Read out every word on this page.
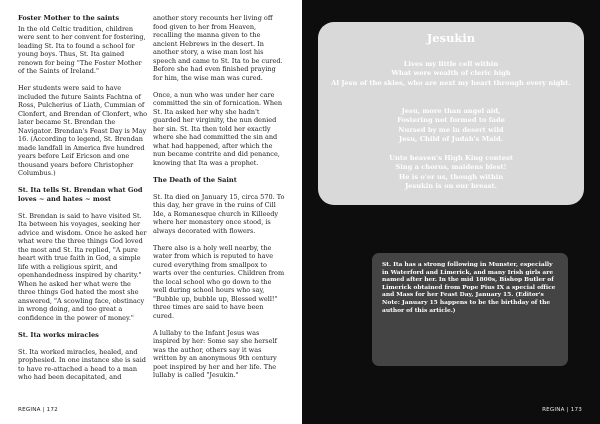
Foster Mother to the saints

In the old Celtic tradition, children were sent to her convent for fostering, leading St. Ita to found a school for young boys. Thus, St. Ita gained renown for being "The Foster Mother of the Saints of Ireland."

Her students were said to have included the future Saints Fachtna of Ross, Pulcherius of Liath, Cummian of Clonfert, and Brendan of Clonfert, who later became St. Brendan the Navigator. Brendan's Feast Day is May 16. (According to legend, St. Brendan made landfall in America five hundred years before Leif Ericson and one thousand years before Christopher Columbus.)

St. Ita tells St. Brendan what God loves ~ and hates ~ most

St. Brendan is said to have visited St. Ita between his voyages, seeking her advice and wisdom. Once he asked her what were the three things God loved the most and St. Ita replied, "A pure heart with true faith in God, a simple life with a religious spirit, and openhandedness inspired by charity." When he asked her what were the three things God hated the most she answered, "A scowling face, obstinacy in wrong doing, and too great a confidence in the power of money."

St. Ita works miracles

St. Ita worked miracles, healed, and prophesied. In one instance she is said to have re-attached a head to a man who had been decapitated, and

another story recounts her living off food given to her from Heaven, recalling the manna given to the ancient Hebrews in the desert. In another story, a wise man lost his speech and came to St. Ita to be cured. Before she had even finished praying for him, the wise man was cured.

Once, a nun who was under her care committed the sin of fornication. When St. Ita asked her why she hadn't guarded her virginity, the nun denied her sin. St. Ita then told her exactly where she had committed the sin and what had happened, after which the nun became contrite and did penance, knowing that Ita was a prophet.

The Death of the Saint

St. Ita died on January 15, circa 570. To this day, her grave in the ruins of Cill Ide, a Romanesque church in Killeedy where her monastery once stood, is always decorated with flowers.

There also is a holy well nearby, the water from which is reputed to have cured everything from smallpox to warts over the centuries. Children from the local school who go down to the well during school hours who say, "Bubble up, bubble up, Blessed well!" three times are said to have been cured.

A lullaby to the Infant Jesus was inspired by her: Some say she herself was the author, others say it was written by an anonymous 9th century poet inspired by her and her life. The lullaby is called "Jesukin."

REGINA | 172
Jesukin
Lives my little cell within
What were wealth of cleric high
Al Jesu of the skies, who are next my heart through every night.
Jesu, more than angel aid,
Fostering not formed to fade
Nursed by me in desert wild
Jesu, Child of Judah's Maid.
Unto heaven's High King contest
Sing a chorus, maidens blest!
He is o'er us, though within
Jesukin is on our breast.
St. Ita has a strong following in Munster, especially in Waterford and Limerick, and many Irish girls are named after her. In the mid 1800s, Bishop Butler of Limerick obtained from Pope Pius IX a special office and Mass for her Feast Day, January 15. (Editor's Note: January 15 happens to be the birthday of the author of this article.)
REGINA | 173
